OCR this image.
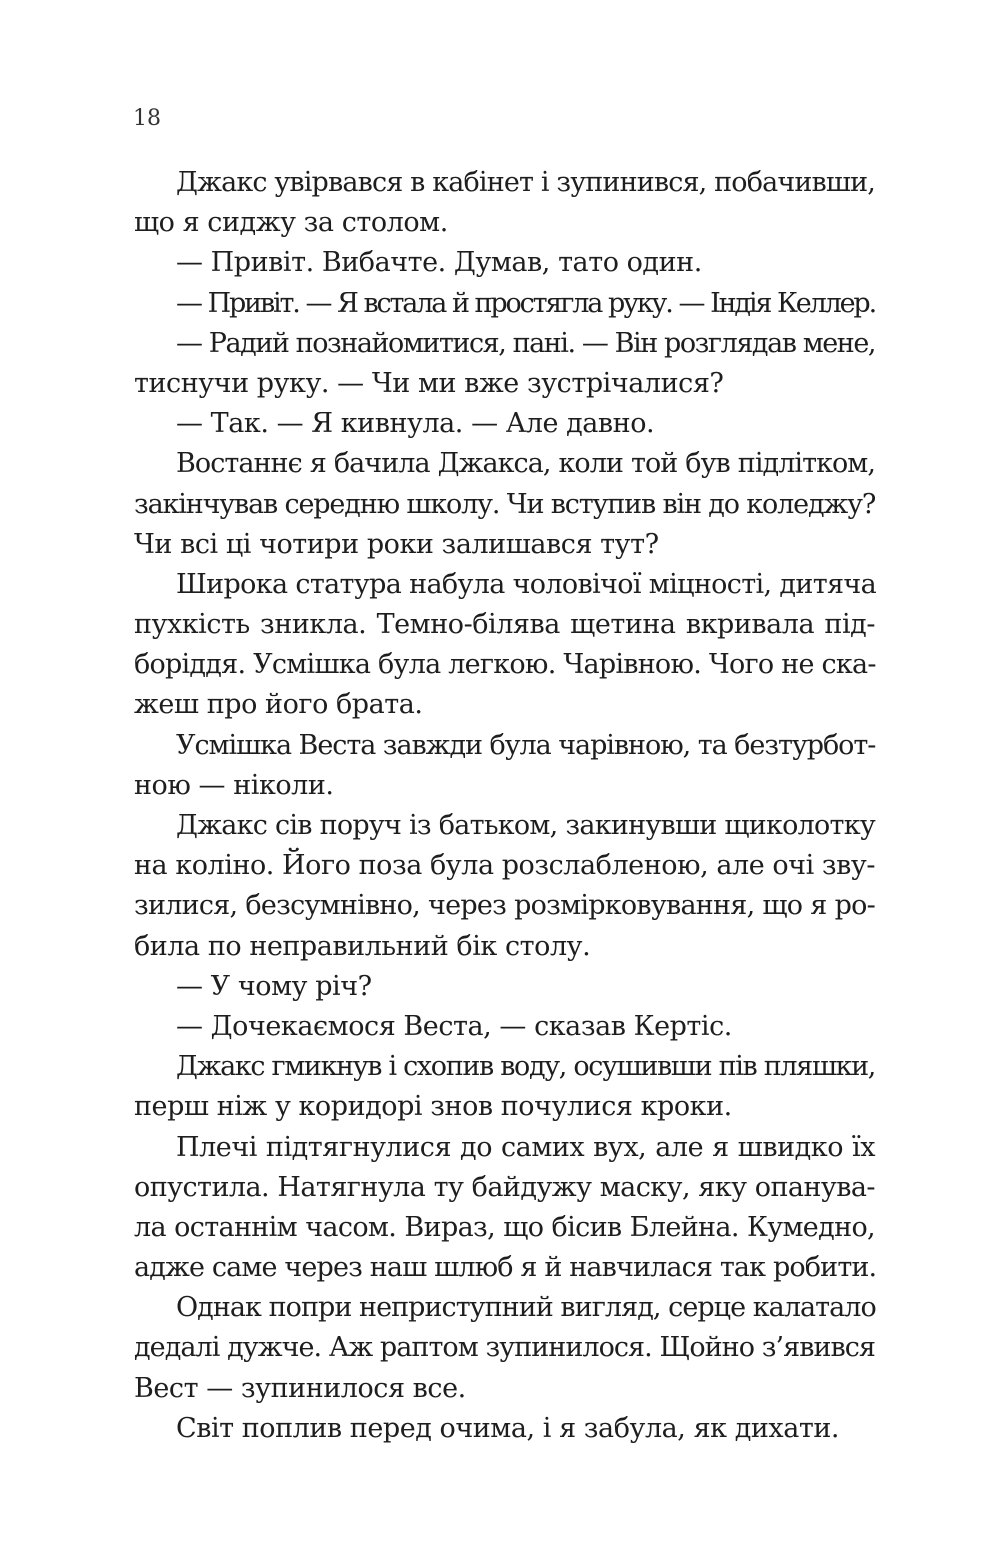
18
Джакс увірвався в кабінет і зупинився, побачивши,
що я сиджу за столом.
— Привіт. Вибачте. Думав, тато один.
— Привіт. — Я встала й простягла руку. — Індія Келлер.
— Радий познайомитися, пані. — Він розглядав мене,
тиснучи руку. — Чи ми вже зустрічалися?
— Так. — Я кивнула. — Але давно.
Востаннє я бачила Джакса, коли той був підлітком,
закінчував середню школу. Чи вступив він до коледжу?
Чи всі ці чотири роки залишався тут?
Широка статура набула чоловічої міцності, дитяча
пухкість зникла. Темно-білява щетина вкривала під-
боріддя. Усмішка була легкою. Чарівною. Чого не ска-
жеш про його брата.
Усмішка Веста завжди була чарівною, та безтурбот-
ною — ніколи.
Джакс сів поруч із батьком, закинувши щиколотку
на коліно. Його поза була розслабленою, але очі зву-
зилися, безсумнівно, через розмірковування, що я ро-
била по неправильний бік столу.
— У чому річ?
— Дочекаємося Веста, — сказав Кертіс.
Джакс гмикнув і схопив воду, осушивши пів пляшки,
перш ніж у коридорі знов почулися кроки.
Плечі підтягнулися до самих вух, але я швидко їх
опустила. Натягнула ту байдужу маску, яку опанува-
ла останнім часом. Вираз, що бісив Блейна. Кумедно,
адже саме через наш шлюб я й навчилася так робити.
Однак попри неприступний вигляд, серце калатало
дедалі дужче. Аж раптом зупинилося. Щойно з’явився
Вест — зупинилося все.
Світ поплив перед очима, і я забула, як дихати.
